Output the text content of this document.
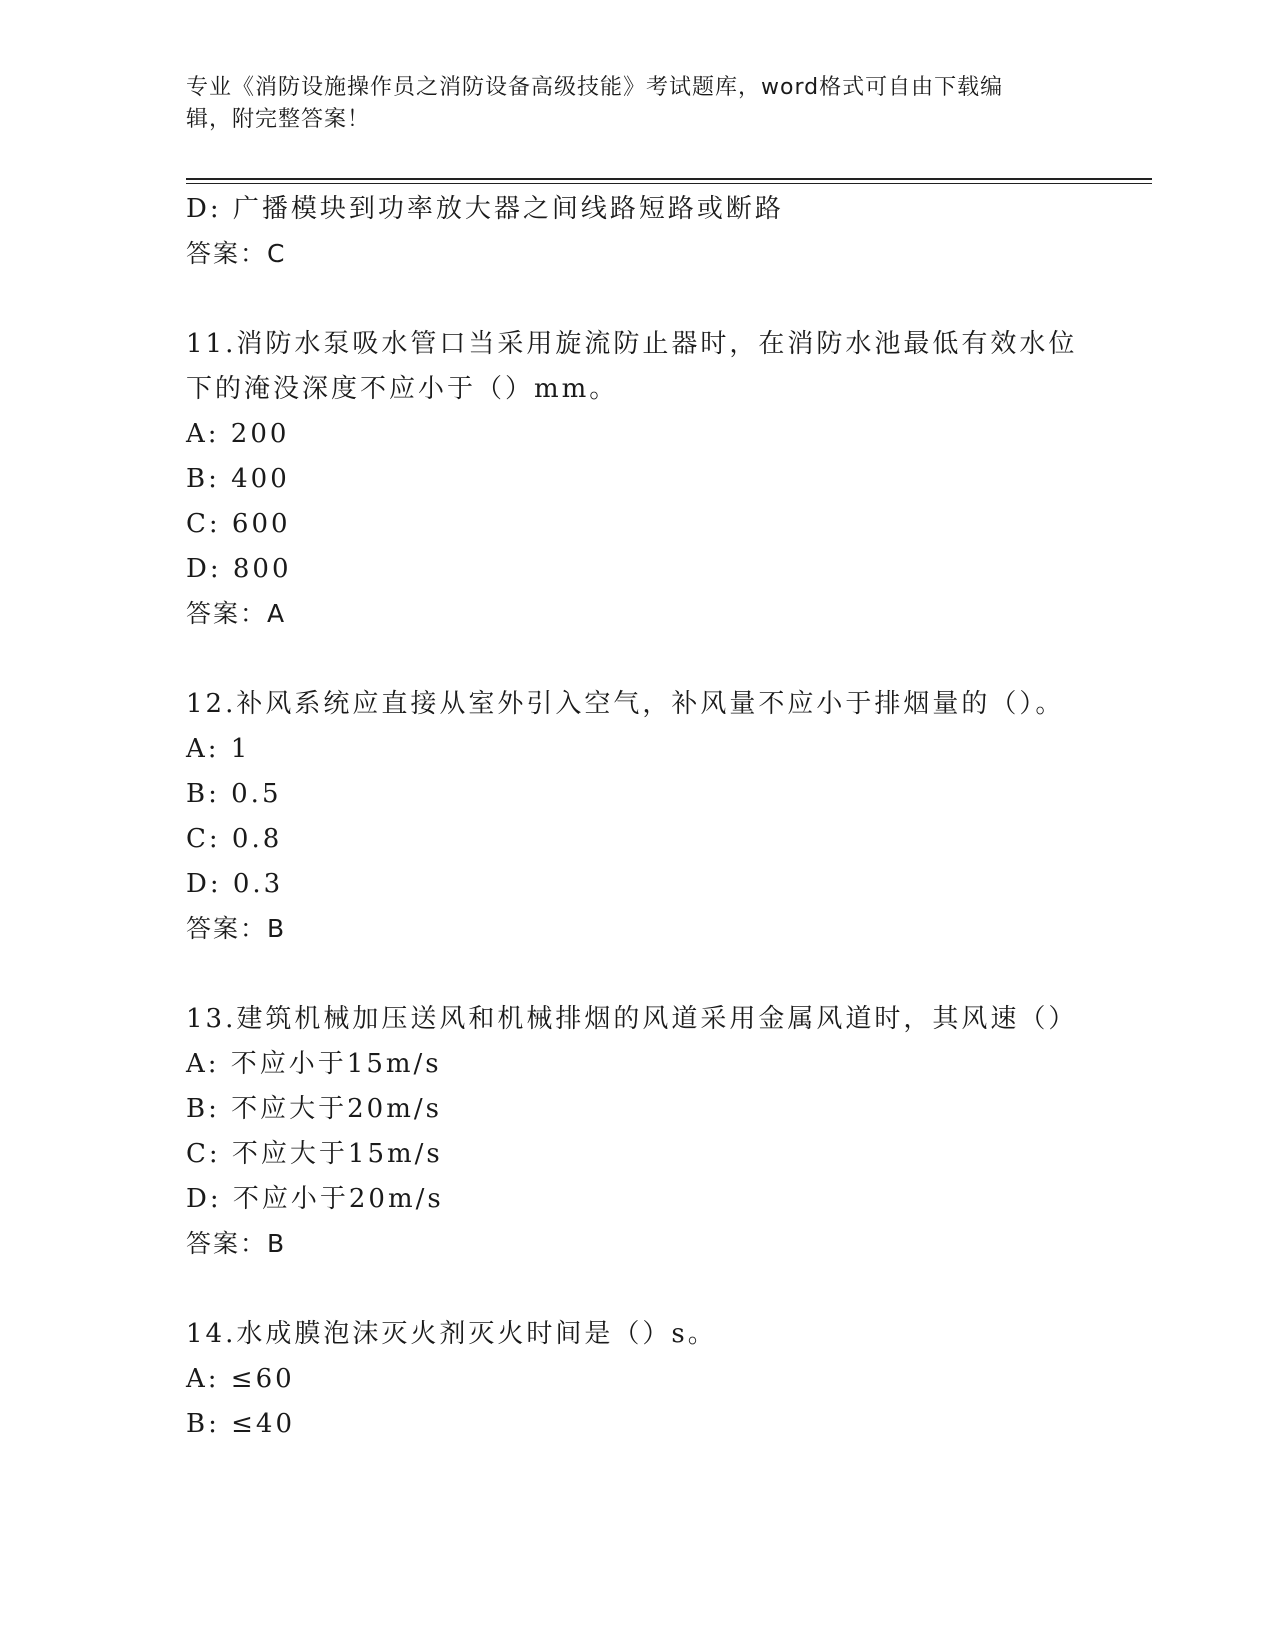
专业《消防设施操作员之消防设备高级技能》考试题库，word格式可自由下载编
辑，附完整答案！
D: 广播模块到功率放大器之间线路短路或断路
答案：C
11.消防水泵吸水管口当采用旋流防止器时，在消防水池最低有效水位
下的淹没深度不应小于（）mm。
A: 200
B: 400
C: 600
D: 800
答案：A
12.补风系统应直接从室外引入空气，补风量不应小于排烟量的（）。
A: 1
B: 0.5
C: 0.8
D: 0.3
答案：B
13.建筑机械加压送风和机械排烟的风道采用金属风道时，其风速（）
A: 不应小于15m/s
B: 不应大于20m/s
C: 不应大于15m/s
D: 不应小于20m/s
答案：B
14.水成膜泡沫灭火剂灭火时间是（）s。
A: ≤60
B: ≤40
